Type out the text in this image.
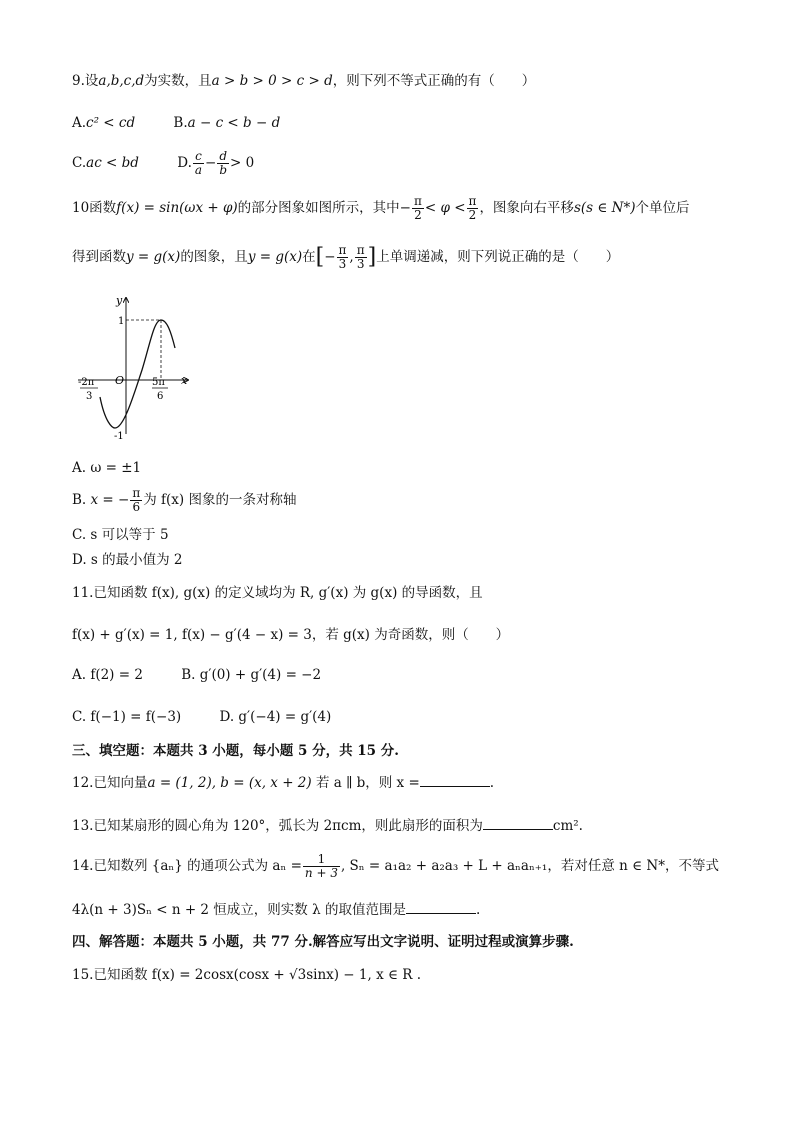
9.设a,b,c,d为实数，且a > b > 0 > c > d，则下列不等式正确的有（　　）
A.c² < cd	B.a − c < b − d
C.ac < bd	D. $\frac{c}{a} - \frac{d}{b} > 0$
10函数f(x) = sin(ωx + φ)的部分图象如图所示，其中− $\frac{\pi}{2} < \varphi < \frac{\pi}{2}$ ，图象向右平移s(s ∈ N*)个单位后
得到函数y = g(x)的图象，且y = g(x)在[− $\frac{\pi}{3}$ , $\frac{\pi}{3}$ ]上单调递减，则下列说正确的是（　　）
y
x
O
1
-1
-2π
3
5π
6
A. ω = ±1
B. x = − $\frac{\pi}{6}$ 为 f(x) 图象的一条对称轴
C. s 可以等于 5
D. s 的最小值为 2
11.已知函数 f(x), g(x) 的定义域均为 R, g′(x) 为 g(x) 的导函数，且
f(x) + g′(x) = 1, f(x) − g′(4 − x) = 3，若 g(x) 为奇函数，则（　　）
A. f(2) = 2	B. g′(0) + g′(4) = −2
C. f(−1) = f(−3)	D. g′(−4) = g′(4)
三、填空题：本题共 3 小题，每小题 5 分，共 15 分.
12.已知向量a = (1, 2), b = (x, x + 2) 若 a ∥ b，则 x =	.
13.已知某扇形的圆心角为 120°，弧长为 2πcm，则此扇形的面积为	cm².
14.已知数列 {aₙ} 的通项公式为 $a_n = \frac{1}{n + 3}$ , Sₙ = a₁a₂ + a₂a₃ + L + aₙaₙ₊₁，若对任意 n ∈ N*，不等式
4λ(n + 3)Sₙ < n + 2 恒成立，则实数 λ 的取值范围是	.
四、解答题：本题共 5 小题，共 77 分.解答应写出文字说明、证明过程或演算步骤.
15.已知函数 f(x) = 2cosx(cosx + √3sinx) − 1, x ∈ R .
